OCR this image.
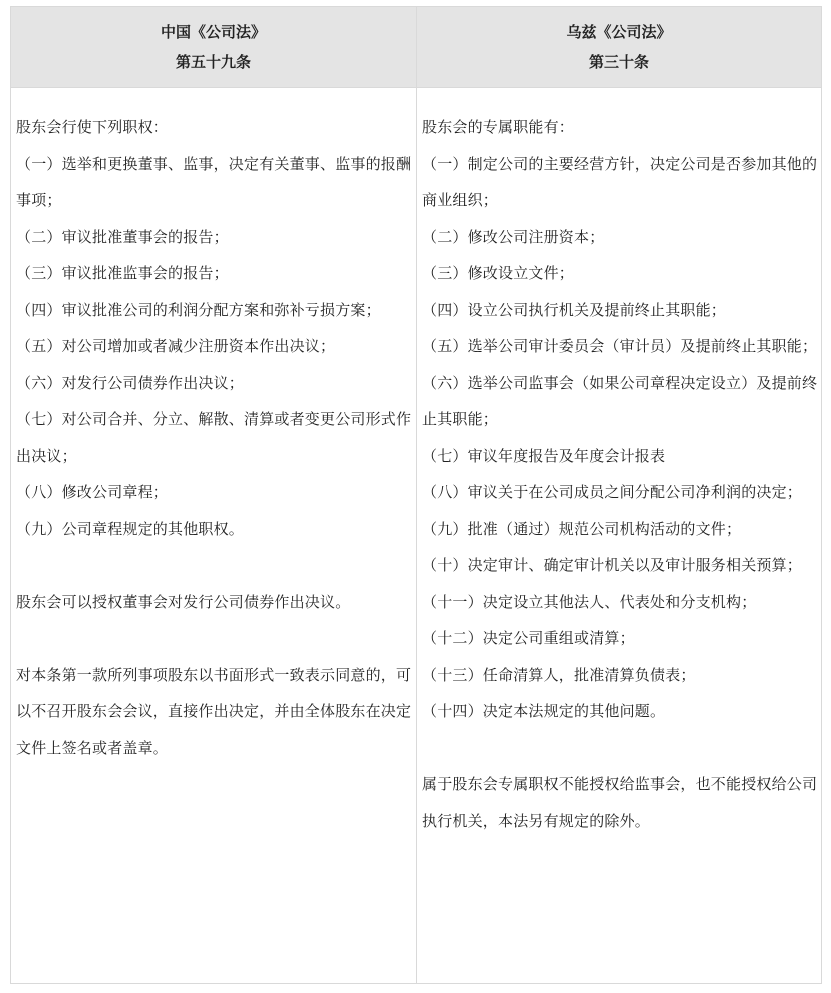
中国《公司法》
第五十九条

股东会行使下列职权：

（一）选举和更换董事、监事，决定有关董事、监事的报酬事项；

（二）审议批准董事会的报告；

（三）审议批准监事会的报告；

（四）审议批准公司的利润分配方案和弥补亏损方案；

（五）对公司增加或者减少注册资本作出决议；

（六）对发行公司债券作出决议；

（七）对公司合并、分立、解散、清算或者变更公司形式作出决议；

（八）修改公司章程；

（九）公司章程规定的其他职权。

股东会可以授权董事会对发行公司债券作出决议。

对本条第一款所列事项股东以书面形式一致表示同意的，可以不召开股东会会议，直接作出决定，并由全体股东在决定文件上签名或者盖章。

乌兹《公司法》
第三十条

股东会的专属职能有：

（一）制定公司的主要经营方针，决定公司是否参加其他的商业组织；

（二）修改公司注册资本；

（三）修改设立文件；

（四）设立公司执行机关及提前终止其职能；

（五）选举公司审计委员会（审计员）及提前终止其职能；

（六）选举公司监事会（如果公司章程决定设立）及提前终止其职能；

（七）审议年度报告及年度会计报表

（八）审议关于在公司成员之间分配公司净利润的决定；

（九）批准（通过）规范公司机构活动的文件；

（十）决定审计、确定审计机关以及审计服务相关预算；

（十一）决定设立其他法人、代表处和分支机构；

（十二）决定公司重组或清算；

（十三）任命清算人，批准清算负债表；

（十四）决定本法规定的其他问题。

属于股东会专属职权不能授权给监事会，也不能授权给公司执行机关，本法另有规定的除外。
